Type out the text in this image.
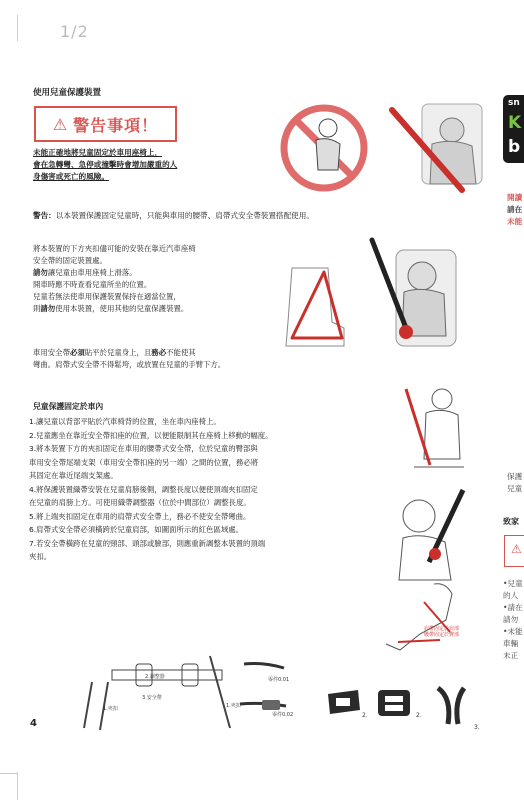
1/2
使用兒童保護裝置
⚠ 警告事項！
未能正確地將兒童固定於車用座椅上，
會在急轉彎、急停或撞擊時會增加嚴重的人
身傷害或死亡的風險。
警告：以本裝置保護固定兒童時，只能與車用的腰帶、肩帶式安全帶裝置搭配使用。
將本裝置的下方夾扣儘可能的安裝在靠近汽車座椅
安全帶的固定裝置處。
請勿讓兒童由車用座椅上滑落。
開車時應不時查看兒童所坐的位置。
兒童若無法使車用保護裝置保持在適當位置，
則請勿使用本裝置，使用其他的兒童保護裝置。
車用安全帶必須貼平於兒童身上，且務必不能使其
彎曲。肩帶式安全帶不得鬆垮，或放置在兒童的手臂下方。
兒童保護固定於車內
1.讓兒童以背部平貼於汽車椅背的位置，坐在車內座椅上。
2.兒童應坐在靠近安全帶扣座的位置，以便能限制其在座椅上移動的幅度。
3.將本裝置下方的夾扣固定在車用的腰帶式安全帶，位於兒童的臀部與
車用安全帶尾端支架（車用安全帶扣座的另一端）之間的位置，務必將
其固定在靠近尾端支架處。
4.將保護裝置織帶安裝在兒童肩膀後側，調整長度以便使頂端夾扣固定
在兒童的肩膀上方。可使用織帶調整器（位於中間部位）調整長度。
5.將上端夾扣固定在車用的肩帶式安全帶上，務必不使安全帶彎曲。
6.肩帶式安全帶必須橫跨於兒童肩部，如圖面所示的紅色區域處。
7.若安全帶橫跨在兒童的頸部、頭部或臉部，則應重新調整本裝置的頂端
夾扣。
肩帶固定於肩部
腰帶固定於臀部
2.調整器
3.安全帶
1.夾扣
零件0.01
1.夾扣
零件0.02	2.	2.
3.
4
sn
K
b
開讀
請在
未能
保護
兒童
致家
⚠
•兒童
的人
•請在
請勿
•未能
車輛
未正
